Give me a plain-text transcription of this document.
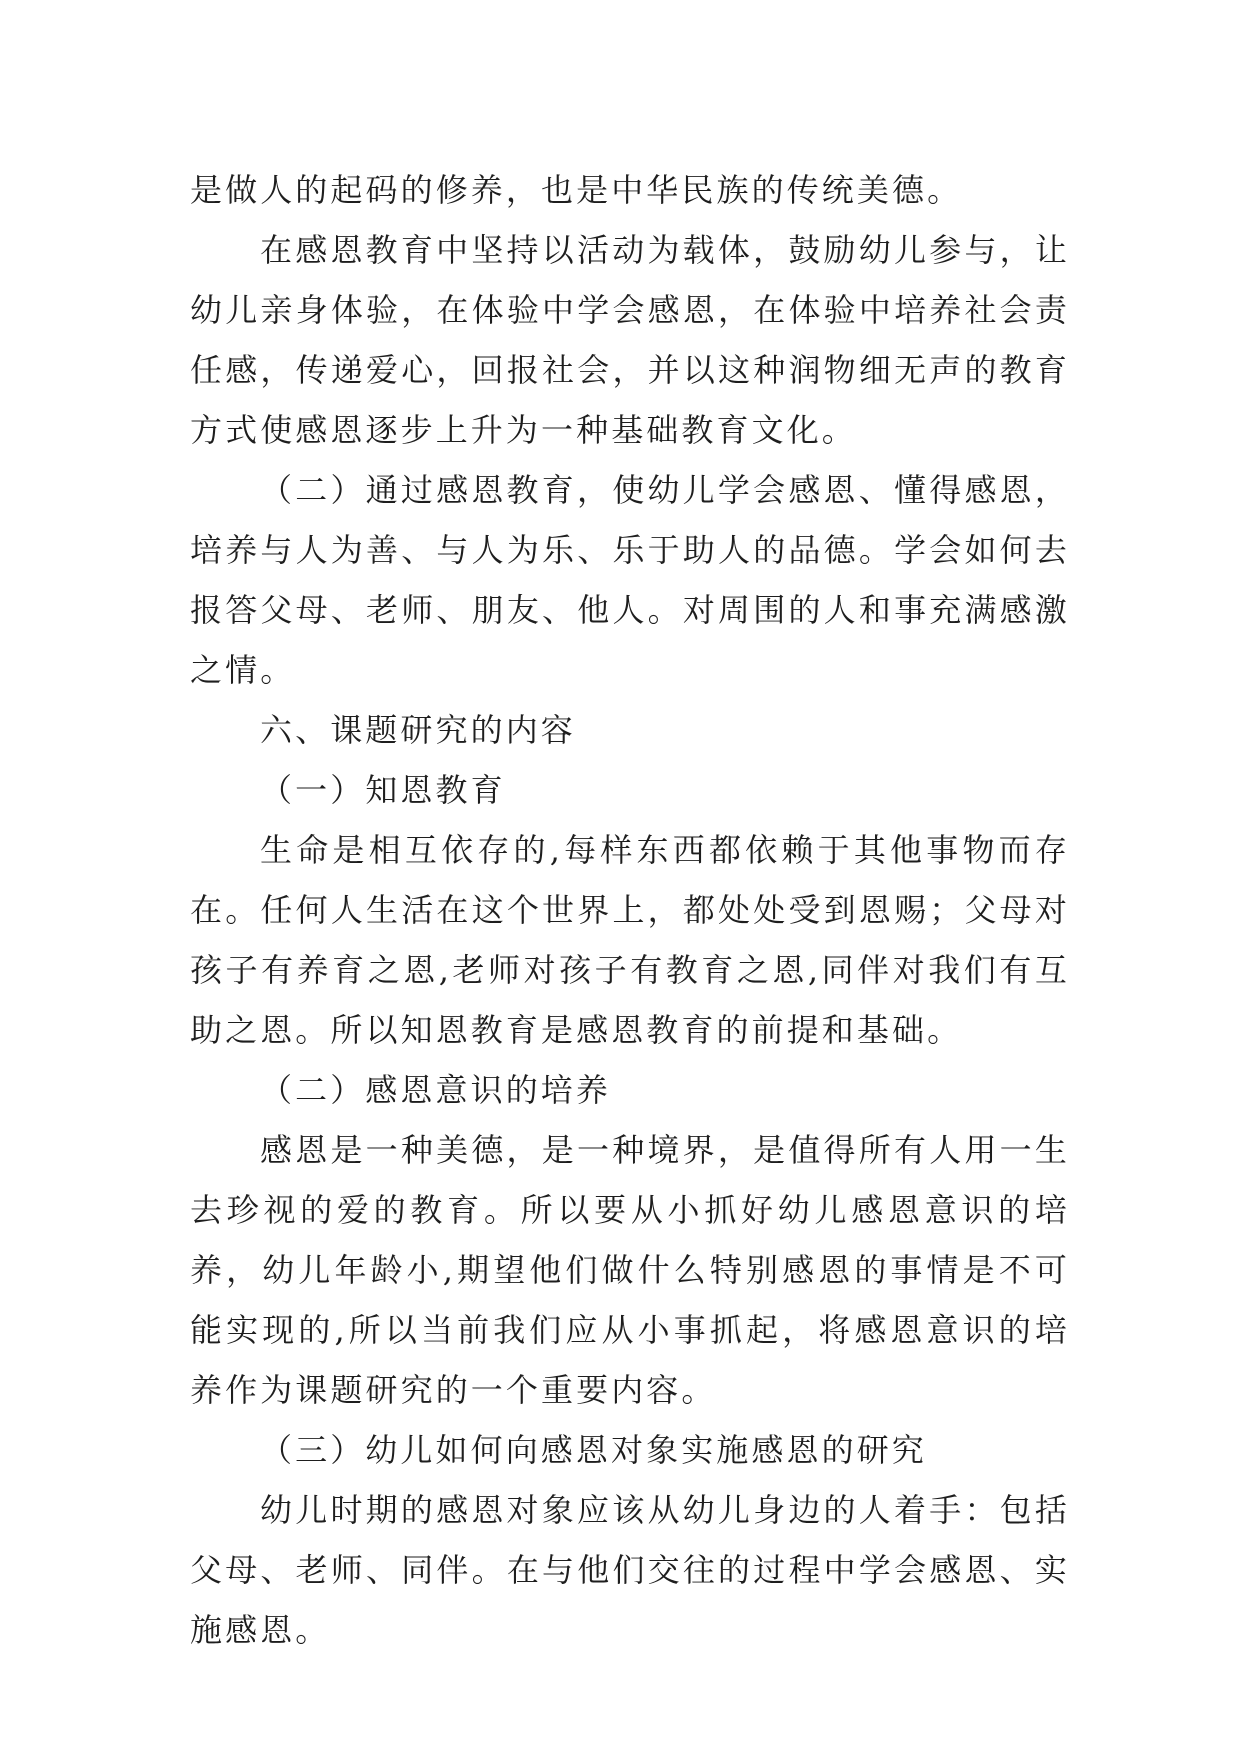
是做人的起码的修养，也是中华民族的传统美德。

在感恩教育中坚持以活动为载体，鼓励幼儿参与，让幼儿亲身体验，在体验中学会感恩，在体验中培养社会责任感，传递爱心，回报社会，并以这种润物细无声的教育方式使感恩逐步上升为一种基础教育文化。

（二）通过感恩教育，使幼儿学会感恩、懂得感恩，培养与人为善、与人为乐、乐于助人的品德。学会如何去报答父母、老师、朋友、他人。对周围的人和事充满感激之情。

六、课题研究的内容

（一）知恩教育

生命是相互依存的,每样东西都依赖于其他事物而存在。任何人生活在这个世界上，都处处受到恩赐；父母对孩子有养育之恩,老师对孩子有教育之恩,同伴对我们有互助之恩。所以知恩教育是感恩教育的前提和基础。

（二）感恩意识的培养

感恩是一种美德，是一种境界，是值得所有人用一生去珍视的爱的教育。所以要从小抓好幼儿感恩意识的培养，幼儿年龄小,期望他们做什么特别感恩的事情是不可能实现的,所以当前我们应从小事抓起，将感恩意识的培养作为课题研究的一个重要内容。

（三）幼儿如何向感恩对象实施感恩的研究

幼儿时期的感恩对象应该从幼儿身边的人着手：包括父母、老师、同伴。在与他们交往的过程中学会感恩、实施感恩。
